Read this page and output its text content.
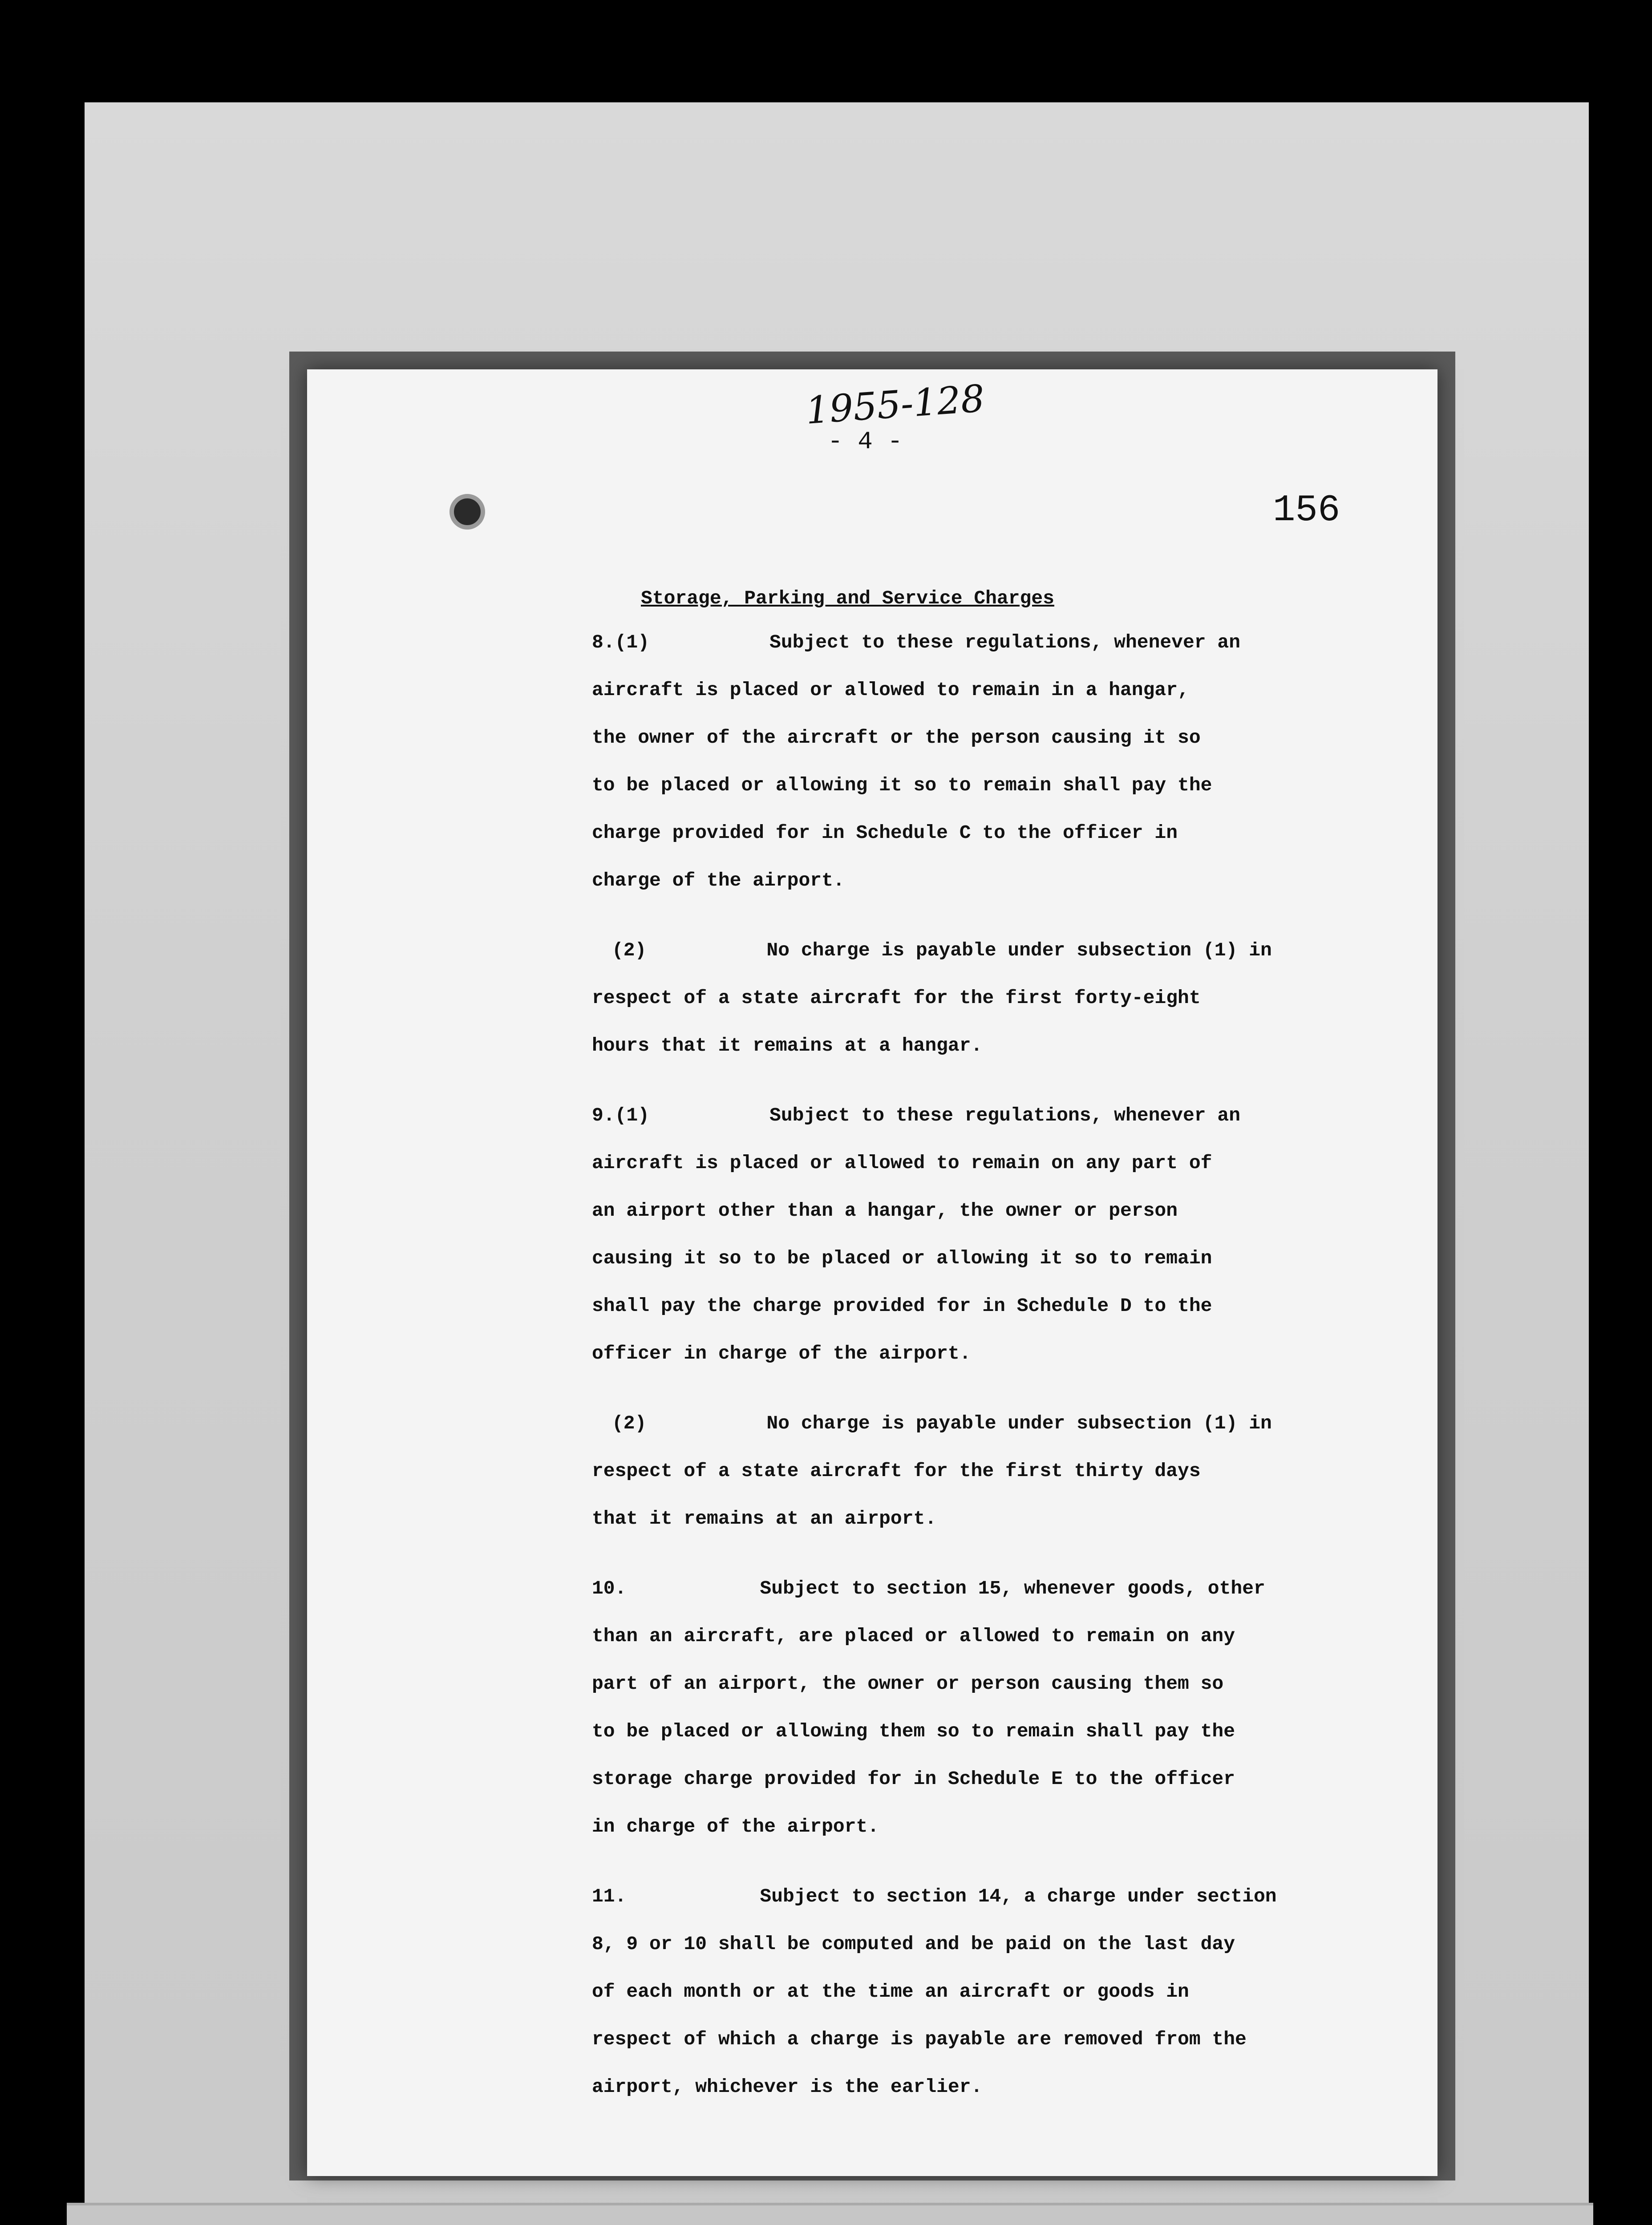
1955-128
- 4 -
156

Storage, Parking and Service Charges

8.(1)	Subject to these regulations, whenever an
aircraft is placed or allowed to remain in a hangar,
the owner of the aircraft or the person causing it so
to be placed or allowing it so to remain shall pay the
charge provided for in Schedule C to the officer in
charge of the airport.
(2)	No charge is payable under subsection (1) in
respect of a state aircraft for the first forty-eight
hours that it remains at a hangar.
9.(1)	Subject to these regulations, whenever an
aircraft is placed or allowed to remain on any part of
an airport other than a hangar, the owner or person
causing it so to be placed or allowing it so to remain
shall pay the charge provided for in Schedule D to the
officer in charge of the airport.
(2)	No charge is payable under subsection (1) in
respect of a state aircraft for the first thirty days
that it remains at an airport.
10.	Subject to section 15, whenever goods, other
than an aircraft, are placed or allowed to remain on any
part of an airport, the owner or person causing them so
to be placed or allowing them so to remain shall pay the
storage charge provided for in Schedule E to the officer
in charge of the airport.
11.	Subject to section 14, a charge under section
8, 9 or 10 shall be computed and be paid on the last day
of each month or at the time an aircraft or goods in
respect of which a charge is payable are removed from the
airport, whichever is the earlier.
